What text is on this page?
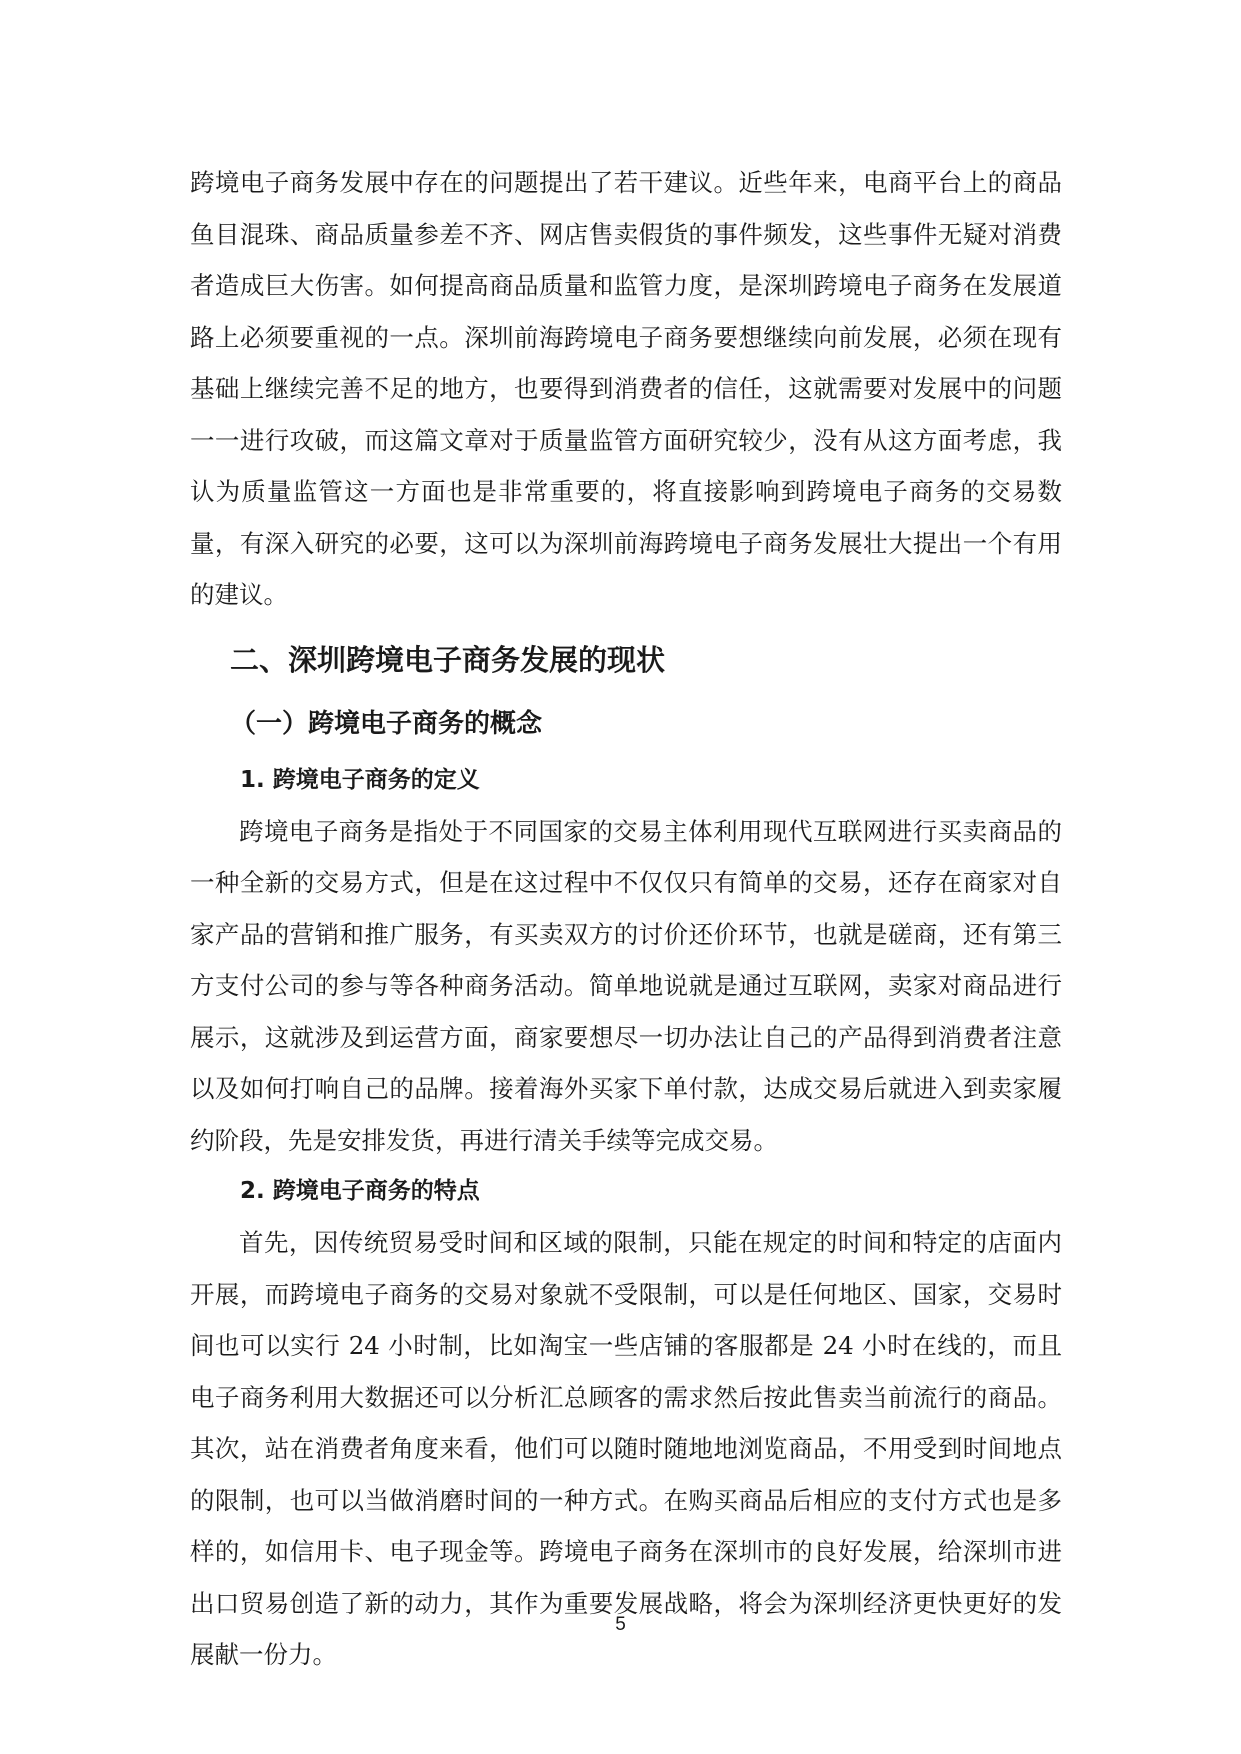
跨境电子商务发展中存在的问题提出了若干建议。近些年来，电商平台上的商品鱼目混珠、商品质量参差不齐、网店售卖假货的事件频发，这些事件无疑对消费者造成巨大伤害。如何提高商品质量和监管力度，是深圳跨境电子商务在发展道路上必须要重视的一点。深圳前海跨境电子商务要想继续向前发展，必须在现有基础上继续完善不足的地方，也要得到消费者的信任，这就需要对发展中的问题一一进行攻破，而这篇文章对于质量监管方面研究较少，没有从这方面考虑，我认为质量监管这一方面也是非常重要的，将直接影响到跨境电子商务的交易数量，有深入研究的必要，这可以为深圳前海跨境电子商务发展壮大提出一个有用的建议。

二、深圳跨境电子商务发展的现状
（一）跨境电子商务的概念
1. 跨境电子商务的定义

跨境电子商务是指处于不同国家的交易主体利用现代互联网进行买卖商品的一种全新的交易方式，但是在这过程中不仅仅只有简单的交易，还存在商家对自家产品的营销和推广服务，有买卖双方的讨价还价环节，也就是磋商，还有第三方支付公司的参与等各种商务活动。简单地说就是通过互联网，卖家对商品进行展示，这就涉及到运营方面，商家要想尽一切办法让自己的产品得到消费者注意以及如何打响自己的品牌。接着海外买家下单付款，达成交易后就进入到卖家履约阶段，先是安排发货，再进行清关手续等完成交易。

2. 跨境电子商务的特点

首先，因传统贸易受时间和区域的限制，只能在规定的时间和特定的店面内开展，而跨境电子商务的交易对象就不受限制，可以是任何地区、国家，交易时间也可以实行 24 小时制，比如淘宝一些店铺的客服都是 24 小时在线的，而且电子商务利用大数据还可以分析汇总顾客的需求然后按此售卖当前流行的商品。其次，站在消费者角度来看，他们可以随时随地地浏览商品，不用受到时间地点的限制，也可以当做消磨时间的一种方式。在购买商品后相应的支付方式也是多样的，如信用卡、电子现金等。跨境电子商务在深圳市的良好发展，给深圳市进出口贸易创造了新的动力，其作为重要发展战略，将会为深圳经济更快更好的发展献一份力。

5
